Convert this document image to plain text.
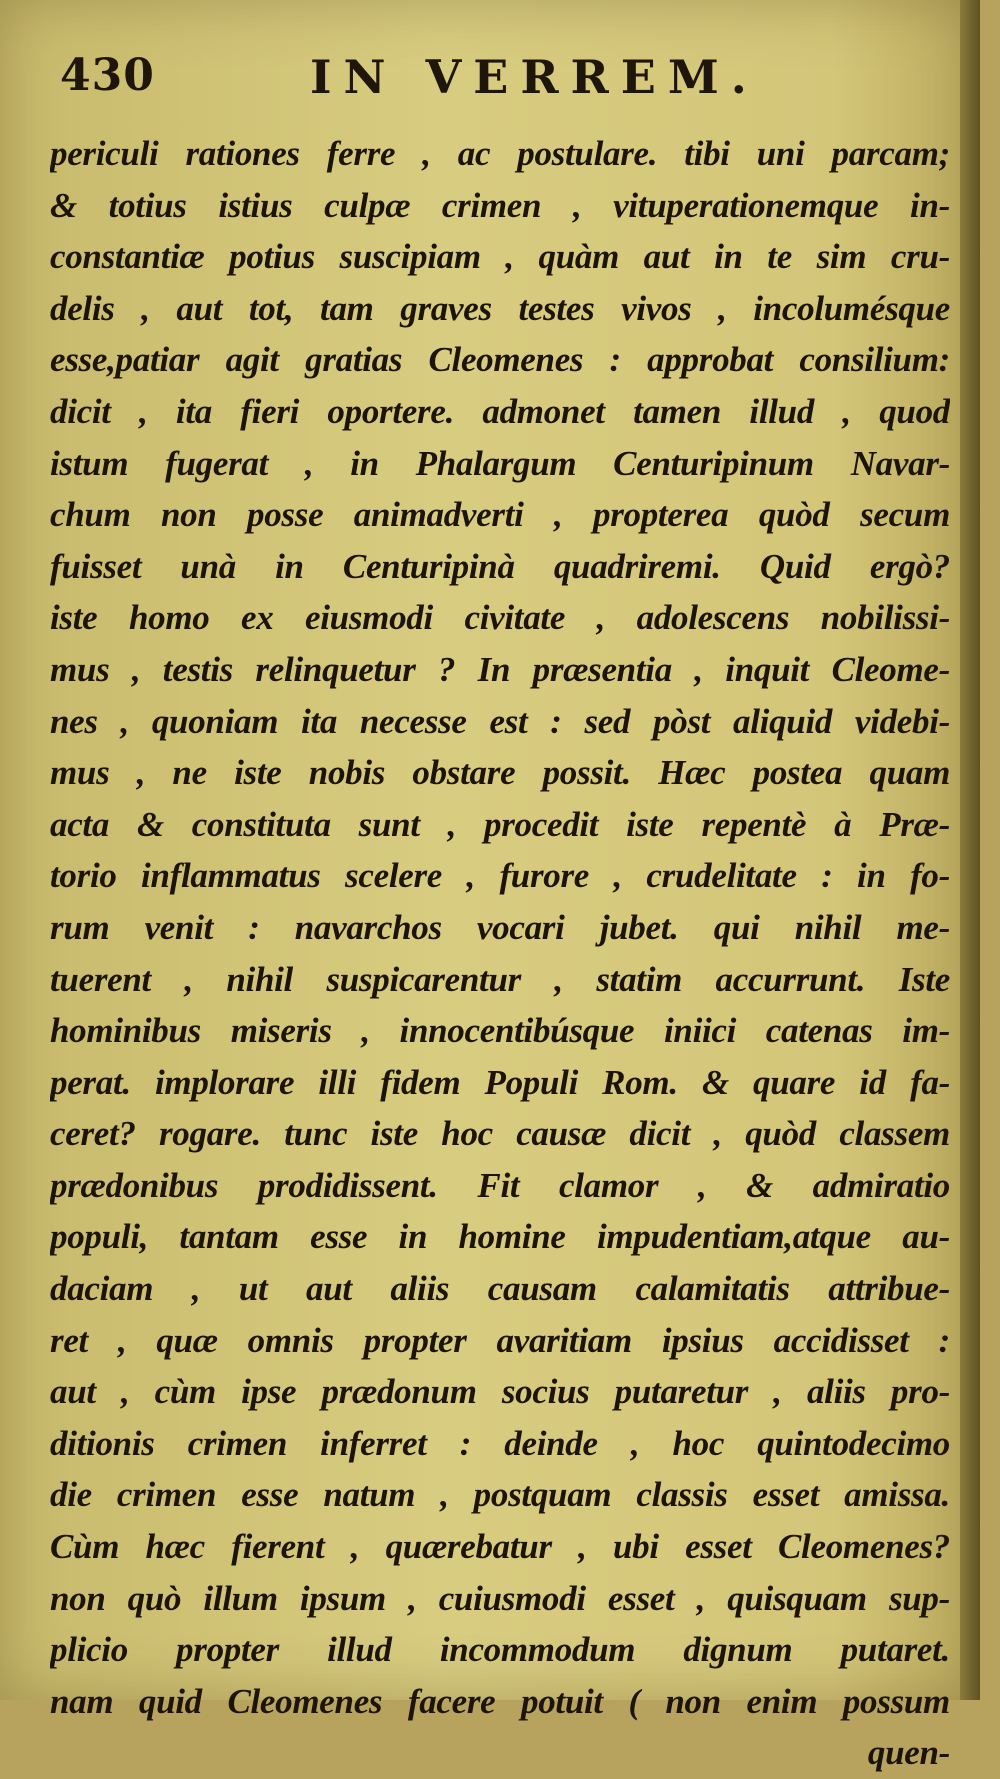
430	IN VERREM.
periculi rationes ferre , ac postulare. tibi uni parcam;
& totius istius culpæ crimen , vituperationemque in-
constantiæ potius suscipiam , quàm aut in te sim cru-
delis , aut tot, tam graves testes vivos , incolumésque
esse,patiar agit gratias Cleomenes : approbat consilium:
dicit , ita fieri oportere. admonet tamen illud , quod
istum fugerat , in Phalargum Centuripinum Navar-
chum non posse animadverti , propterea quòd secum
fuisset unà in Centuripinà quadriremi. Quid ergò?
iste homo ex eiusmodi civitate , adolescens nobilissi-
mus , testis relinquetur ? In præsentia , inquit Cleome-
nes , quoniam ita necesse est : sed pòst aliquid videbi-
mus , ne iste nobis obstare possit. Hæc postea quam
acta & constituta sunt , procedit iste repentè à Præ-
torio inflammatus scelere , furore , crudelitate : in fo-
rum venit : navarchos vocari jubet. qui nihil me-
tuerent , nihil suspicarentur , statim accurrunt. Iste
hominibus miseris , innocentibúsque iniici catenas im-
perat. implorare illi fidem Populi Rom. & quare id fa-
ceret? rogare. tunc iste hoc causæ dicit , quòd classem
prædonibus prodidissent. Fit clamor , & admiratio
populi, tantam esse in homine impudentiam,atque au-
daciam , ut aut aliis causam calamitatis attribue-
ret , quæ omnis propter avaritiam ipsius accidisset :
aut , cùm ipse prædonum socius putaretur , aliis pro-
ditionis crimen inferret : deinde , hoc quintodecimo
die crimen esse natum , postquam classis esset amissa.
Cùm hæc fierent , quærebatur , ubi esset Cleomenes?
non quò illum ipsum , cuiusmodi esset , quisquam sup-
plicio propter illud incommodum dignum putaret.
nam quid Cleomenes facere potuit ( non enim possum
quen-
